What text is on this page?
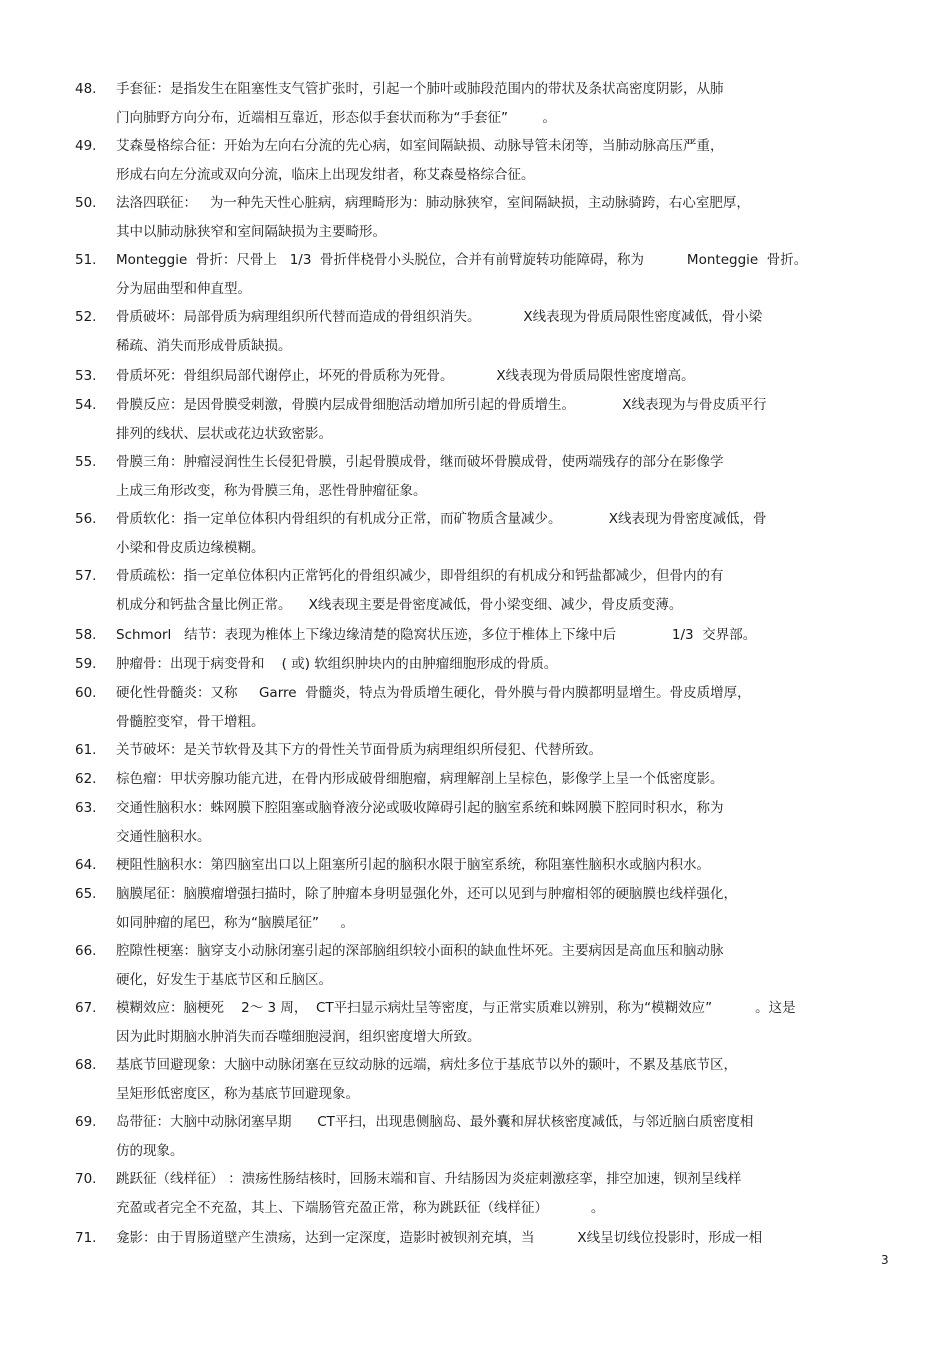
48. 手套征：是指发生在阻塞性支气管扩张时，引起一个肺叶或肺段范围内的带状及条状高密度阴影，从肺
门向肺野方向分布，近端相互靠近，形态似手套状而称为“手套征”        。
49. 艾森曼格综合征：开始为左向右分流的先心病，如室间隔缺损、动脉导管未闭等，当肺动脉高压严重，
形成右向左分流或双向分流，临床上出现发绀者，称艾森曼格综合征。
50. 法洛四联征：   为一种先天性心脏病，病理畸形为：肺动脉狭窄，室间隔缺损，主动脉骑跨，右心室肥厚，
其中以肺动脉狭窄和室间隔缺损为主要畸形。
51. Monteggie  骨折：尺骨上   1/3  骨折伴桡骨小头脱位，合并有前臂旋转功能障碍，称为          Monteggie  骨折。
分为屈曲型和伸直型。
52. 骨质破坏：局部骨质为病理组织所代替而造成的骨组织消失。          X线表现为骨质局限性密度减低，骨小梁
稀疏、消失而形成骨质缺损。
53. 骨质坏死：骨组织局部代谢停止，坏死的骨质称为死骨。          X线表现为骨质局限性密度增高。
54. 骨膜反应：是因骨膜受刺激，骨膜内层成骨细胞活动增加所引起的骨质增生。           X线表现为与骨皮质平行
排列的线状、层状或花边状致密影。
55. 骨膜三角：肿瘤浸润性生长侵犯骨膜，引起骨膜成骨，继而破坏骨膜成骨，使两端残存的部分在影像学
上成三角形改变，称为骨膜三角，恶性骨肿瘤征象。
56. 骨质软化：指一定单位体积内骨组织的有机成分正常，而矿物质含量减少。           X线表现为骨密度减低，骨
小梁和骨皮质边缘模糊。
57. 骨质疏松：指一定单位体积内正常钙化的骨组织减少，即骨组织的有机成分和钙盐都减少，但骨内的有
机成分和钙盐含量比例正常。    X线表现主要是骨密度减低，骨小梁变细、减少，骨皮质变薄。
58. Schmorl   结节：表现为椎体上下缘边缘清楚的隐窝状压迹，多位于椎体上下缘中后             1/3  交界部。
59. 肿瘤骨：出现于病变骨和    ( 或) 软组织肿块内的由肿瘤细胞形成的骨质。
60. 硬化性骨髓炎：又称     Garre  骨髓炎，特点为骨质增生硬化，骨外膜与骨内膜都明显增生。骨皮质增厚，
骨髓腔变窄，骨干增粗。
61. 关节破坏：是关节软骨及其下方的骨性关节面骨质为病理组织所侵犯、代替所致。
62. 棕色瘤：甲状旁腺功能亢进，在骨内形成破骨细胞瘤，病理解剖上呈棕色，影像学上呈一个低密度影。
63. 交通性脑积水：蛛网膜下腔阻塞或脑脊液分泌或吸收障碍引起的脑室系统和蛛网膜下腔同时积水，称为
交通性脑积水。
64. 梗阻性脑积水：第四脑室出口以上阻塞所引起的脑积水限于脑室系统，称阻塞性脑积水或脑内积水。
65. 脑膜尾征：脑膜瘤增强扫描时，除了肿瘤本身明显强化外，还可以见到与肿瘤相邻的硬脑膜也线样强化，
如同肿瘤的尾巴，称为“脑膜尾征”     。
66. 腔隙性梗塞：脑穿支小动脉闭塞引起的深部脑组织较小面积的缺血性坏死。主要病因是高血压和脑动脉
硬化，好发生于基底节区和丘脑区。
67. 模糊效应：脑梗死    2～ 3 周，  CT平扫显示病灶呈等密度，与正常实质难以辨别，称为“模糊效应”          。这是
因为此时期脑水肿消失而吞噬细胞浸润，组织密度增大所致。
68. 基底节回避现象：大脑中动脉闭塞在豆纹动脉的远端，病灶多位于基底节以外的颞叶，不累及基底节区，
呈矩形低密度区，称为基底节回避现象。
69. 岛带征：大脑中动脉闭塞早期      CT平扫，出现患侧脑岛、最外囊和屏状核密度减低，与邻近脑白质密度相
仿的现象。
70. 跳跃征（线样征） ：溃疡性肠结核时，回肠末端和盲、升结肠因为炎症刺激痉挛，排空加速，钡剂呈线样
充盈或者完全不充盈，其上、下端肠管充盈正常，称为跳跃征（线样征）          。
71. 龛影：由于胃肠道壁产生溃疡，达到一定深度，造影时被钡剂充填，当          X线呈切线位投影时，形成一相
3
